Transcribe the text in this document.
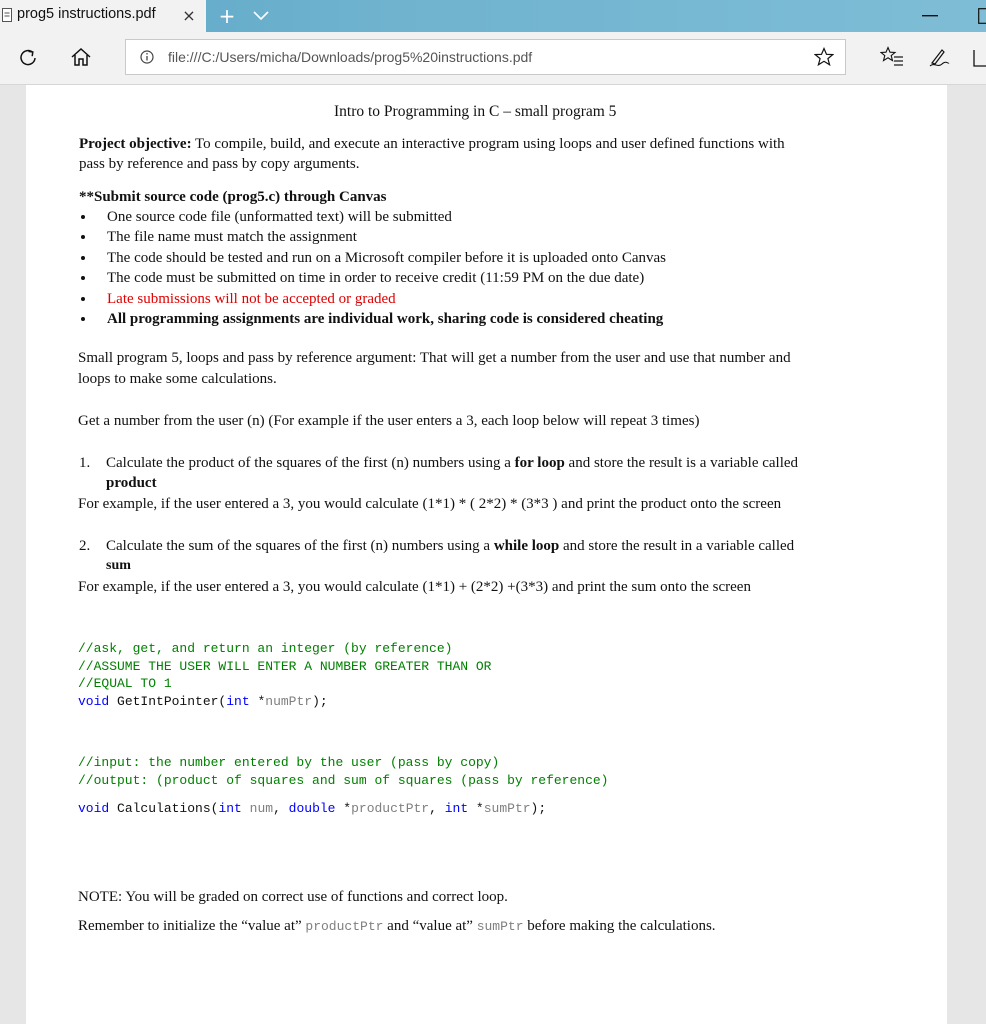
prog5 instructions.pdf × +
file:///C:/Users/micha/Downloads/prog5%20instructions.pdf
Intro to Programming in C – small program 5
Project objective: To compile, build, and execute an interactive program using loops and user defined functions with
pass by reference and pass by copy arguments.
**Submit source code (prog5.c) through Canvas
One source code file (unformatted text) will be submitted
The file name must match the assignment
The code should be tested and run on a Microsoft compiler before it is uploaded onto Canvas
The code must be submitted on time in order to receive credit (11:59 PM on the due date)
Late submissions will not be accepted or graded
All programming assignments are individual work, sharing code is considered cheating
Small program 5, loops and pass by reference argument: That will get a number from the user and use that number and
loops to make some calculations.
Get a number from the user (n) (For example if the user enters a 3, each loop below will repeat 3 times)
1. Calculate the product of the squares of the first (n) numbers using a for loop and store the result is a variable called
product
For example, if the user entered a 3, you would calculate (1*1) * ( 2*2) * (3*3 ) and print the product onto the screen
2. Calculate the sum of the squares of the first (n) numbers using a while loop and store the result in a variable called
sum
For example, if the user entered a 3, you would calculate (1*1) + (2*2) +(3*3) and print the sum onto the screen
//ask, get, and return an integer (by reference)
//ASSUME THE USER WILL ENTER A NUMBER GREATER THAN OR
//EQUAL TO 1
void GetIntPointer(int *numPtr);
//input: the number entered by the user (pass by copy)
//output: (product of squares and sum of squares (pass by reference)
void Calculations(int num, double *productPtr, int *sumPtr);
NOTE: You will be graded on correct use of functions and correct loop.
Remember to initialize the “value at” productPtr and “value at” sumPtr before making the calculations.
